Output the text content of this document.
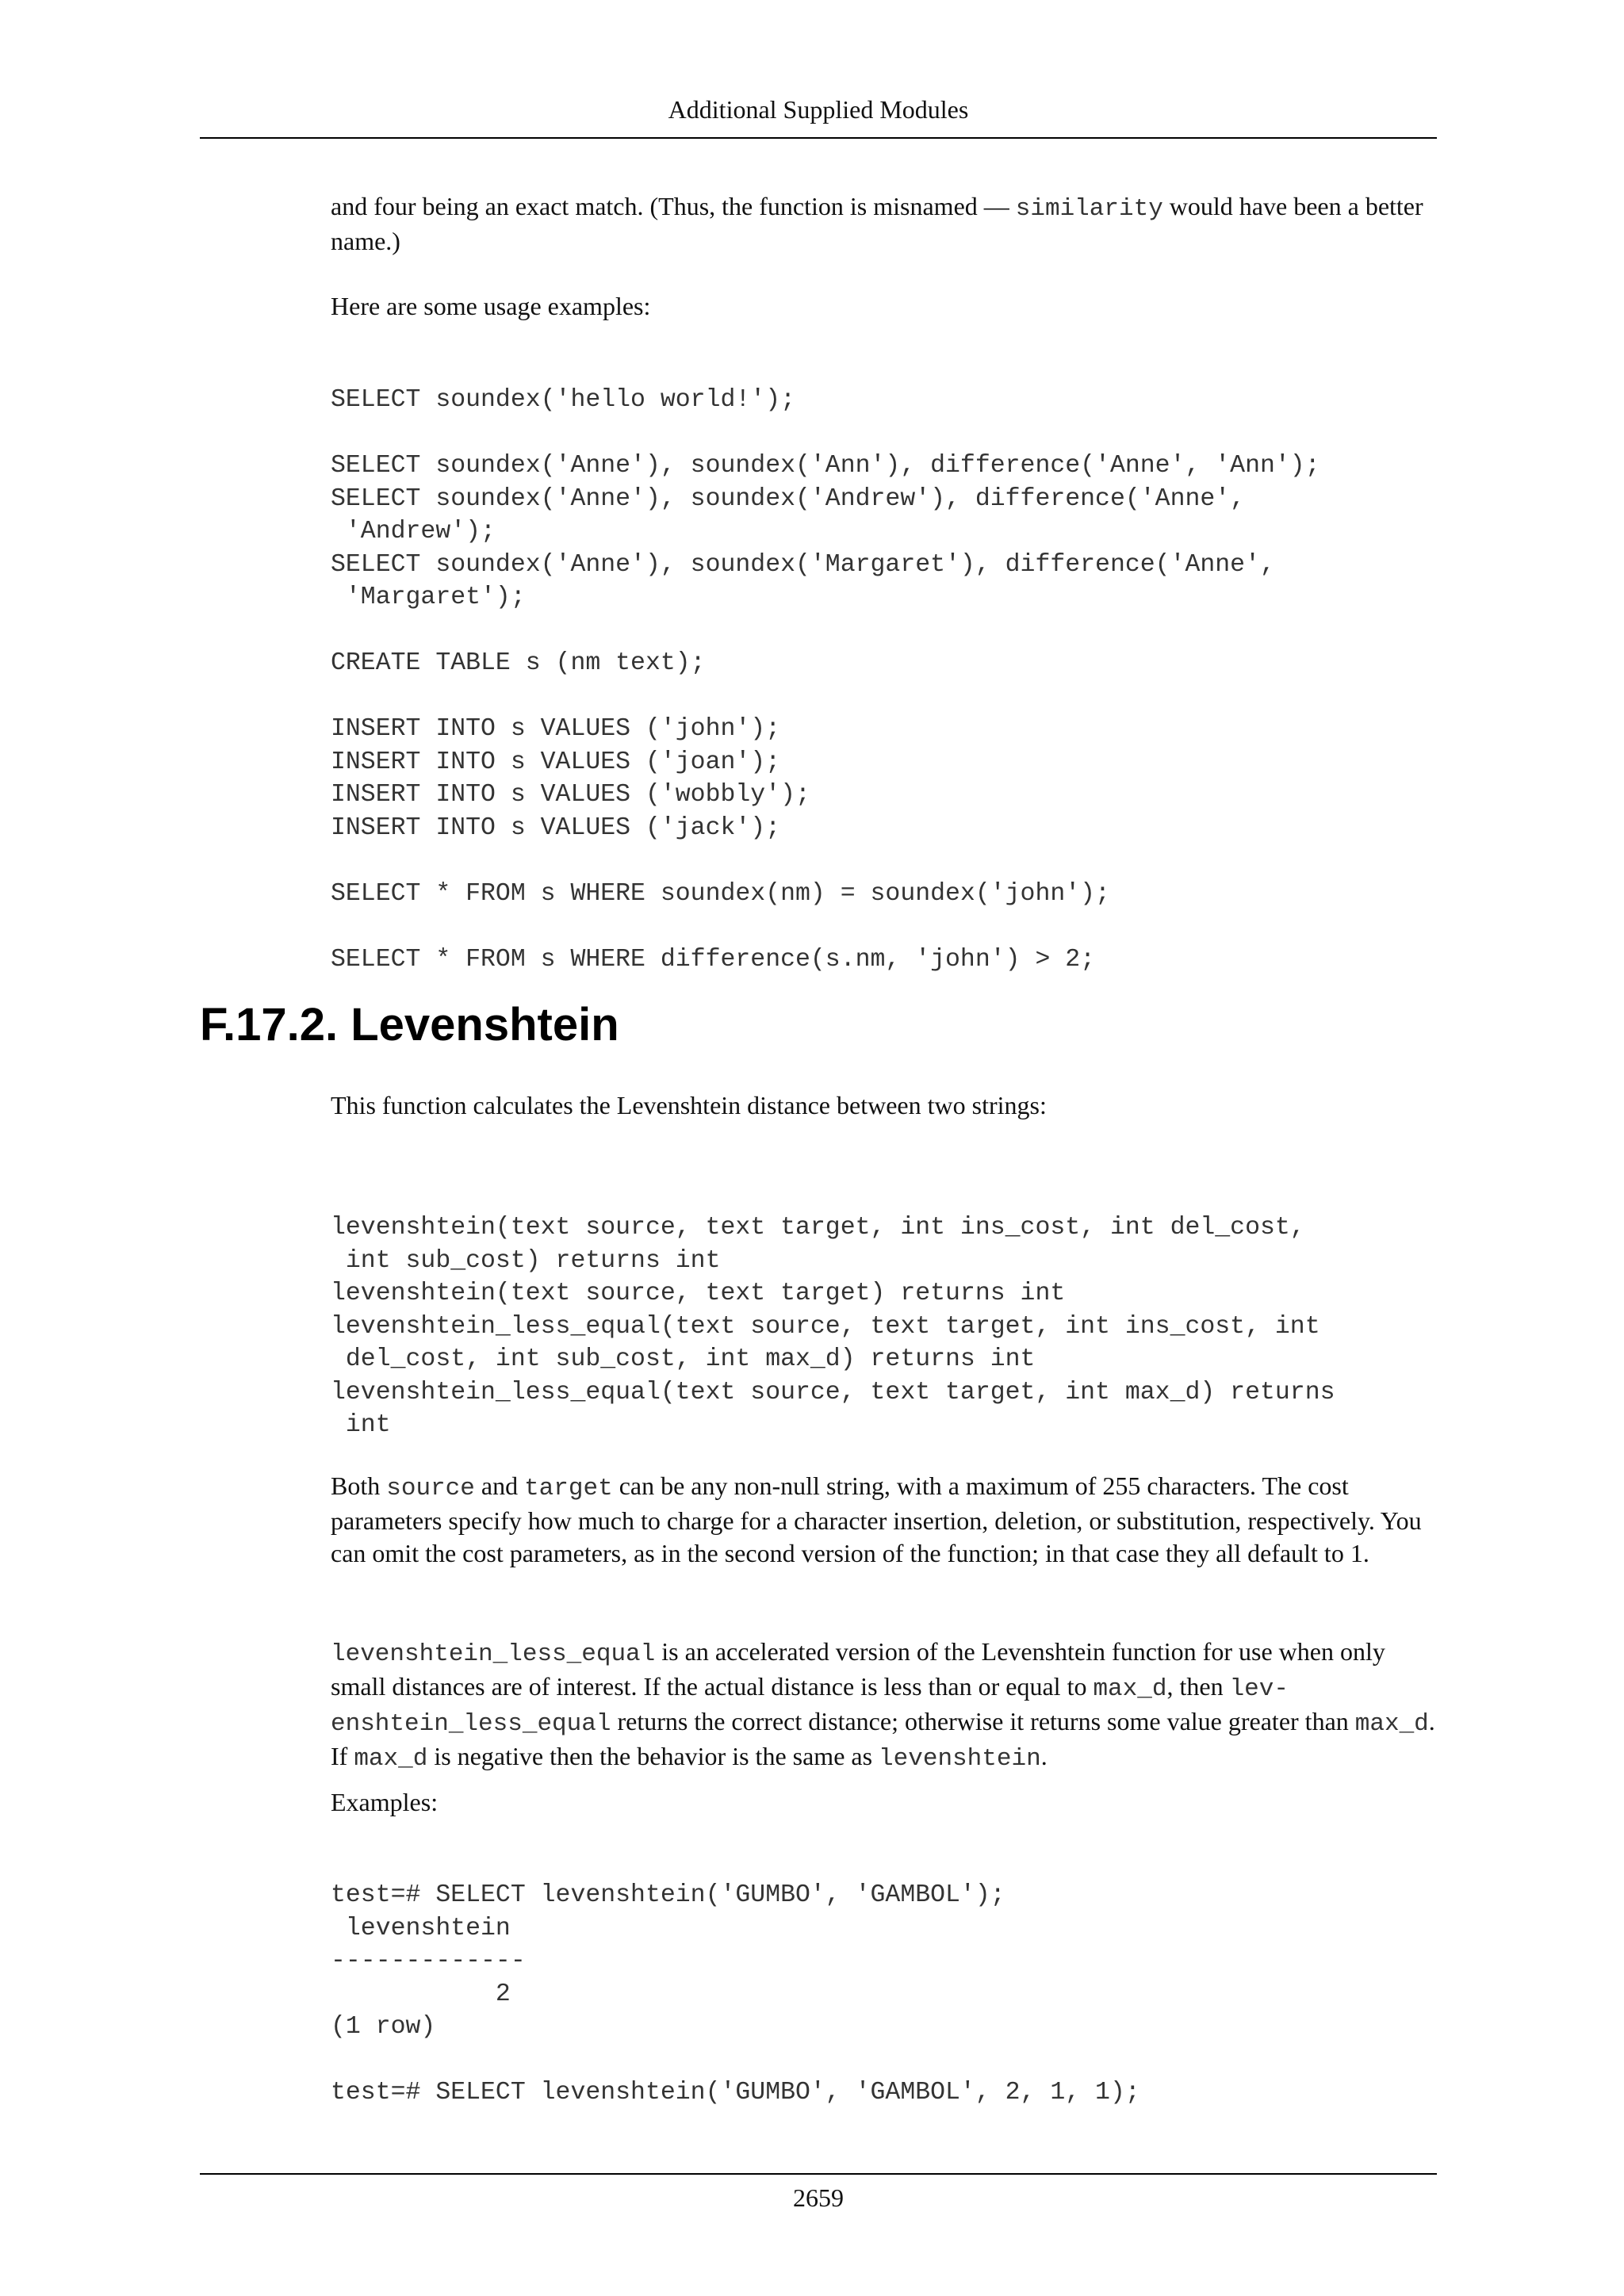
Additional Supplied Modules

and four being an exact match. (Thus, the function is misnamed — similarity would have been a better name.)

Here are some usage examples:

SELECT soundex('hello world!');

SELECT soundex('Anne'), soundex('Ann'), difference('Anne', 'Ann');
SELECT soundex('Anne'), soundex('Andrew'), difference('Anne',
'Andrew');
SELECT soundex('Anne'), soundex('Margaret'), difference('Anne',
'Margaret');

CREATE TABLE s (nm text);

INSERT INTO s VALUES ('john');
INSERT INTO s VALUES ('joan');
INSERT INTO s VALUES ('wobbly');
INSERT INTO s VALUES ('jack');

SELECT * FROM s WHERE soundex(nm) = soundex('john');

SELECT * FROM s WHERE difference(s.nm, 'john') > 2;
F.17.2. Levenshtein

This function calculates the Levenshtein distance between two strings:

levenshtein(text source, text target, int ins_cost, int del_cost,
int sub_cost) returns int
levenshtein(text source, text target) returns int
levenshtein_less_equal(text source, text target, int ins_cost, int
del_cost, int sub_cost, int max_d) returns int
levenshtein_less_equal(text source, text target, int max_d) returns
int

Both source and target can be any non-null string, with a maximum of 255 characters. The cost parameters specify how much to charge for a character insertion, deletion, or substitution, respectively. You can omit the cost parameters, as in the second version of the function; in that case they all default to 1.

levenshtein_less_equal is an accelerated version of the Levenshtein function for use when only small distances are of interest. If the actual distance is less than or equal to max_d, then lev-enshtein_less_equal returns the correct distance; otherwise it returns some value greater than max_d. If max_d is negative then the behavior is the same as levenshtein.

Examples:

test=# SELECT levenshtein('GUMBO', 'GAMBOL');
levenshtein
-------------
2
(1 row)

test=# SELECT levenshtein('GUMBO', 'GAMBOL', 2, 1, 1);
2659
